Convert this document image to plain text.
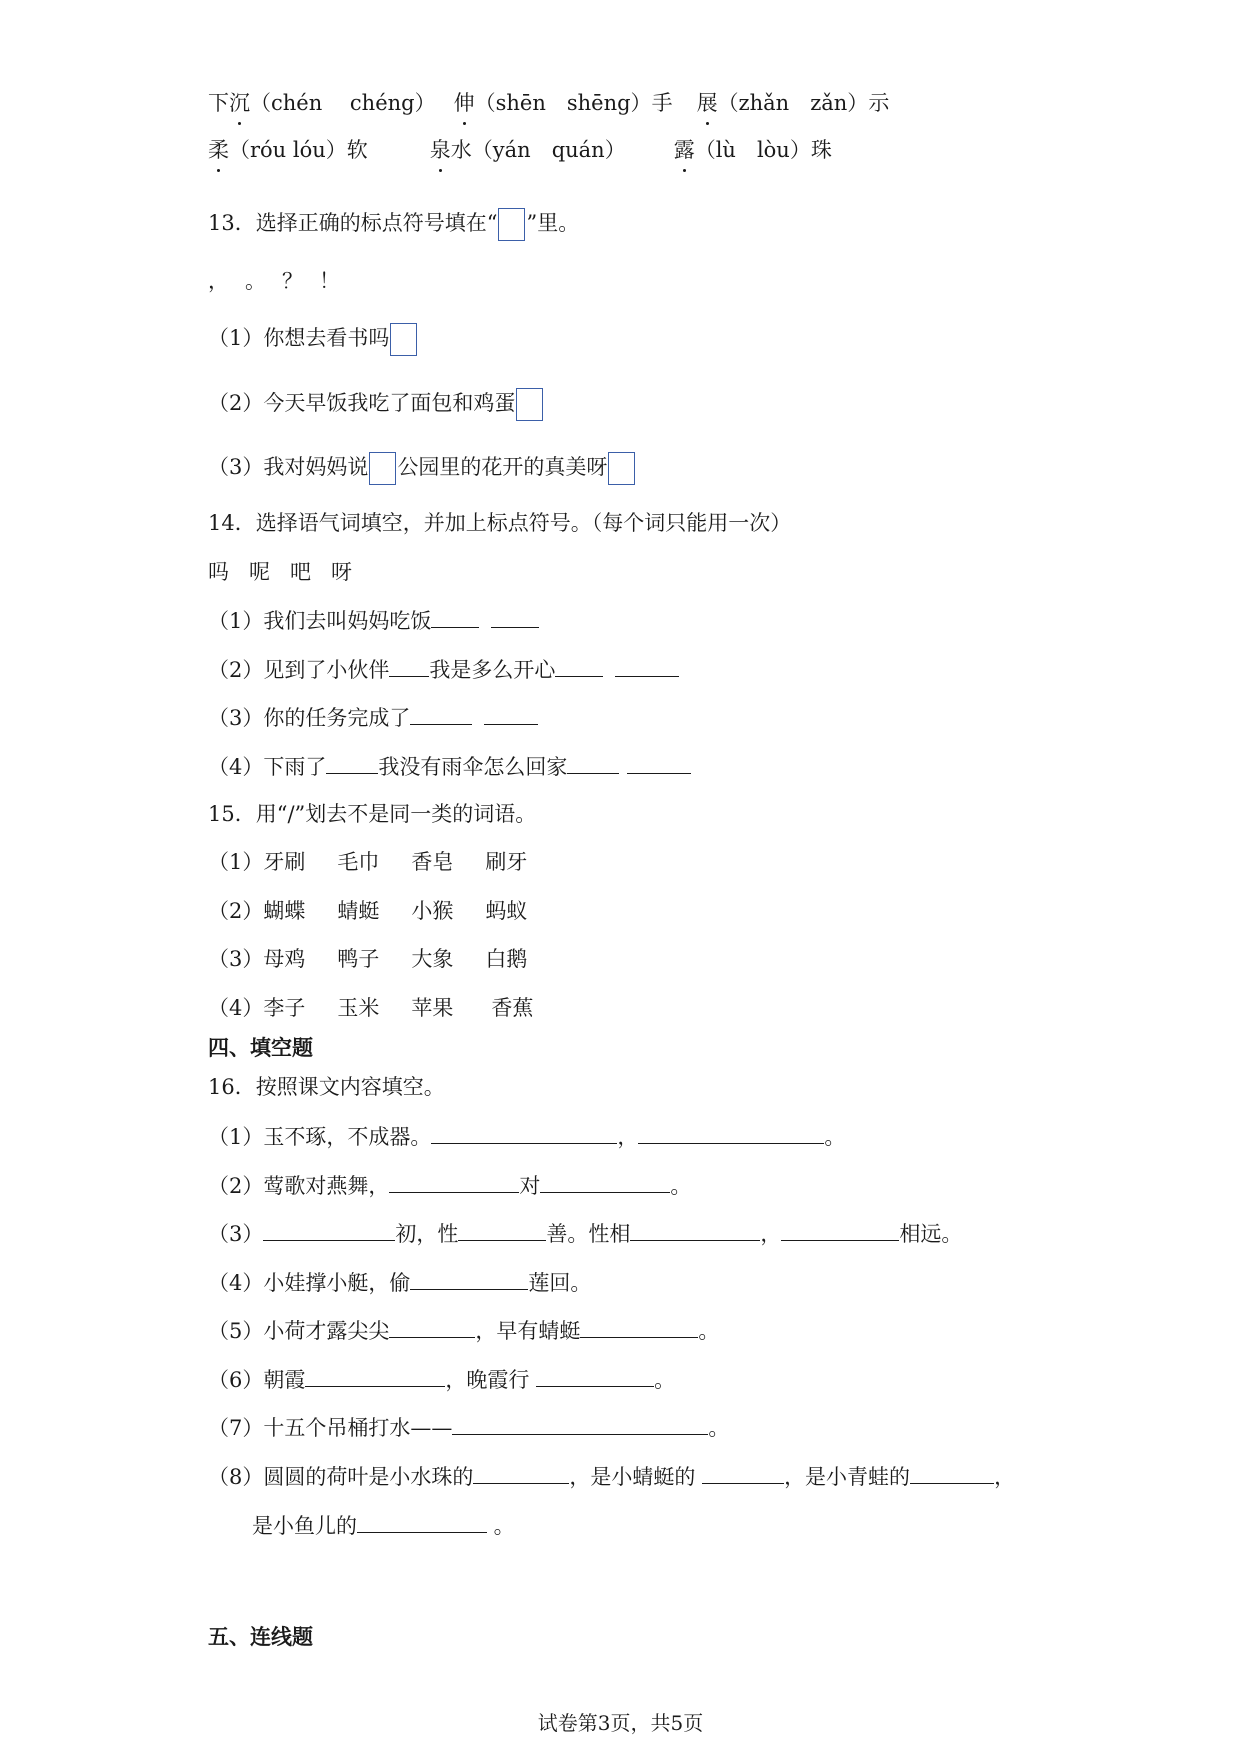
下沉（chén　 chéng） 伸（shēn　shēng）手 展（zhǎn　zǎn）示
柔（róu lóu）软	泉水（yán　quán） 露（lù　lòu）珠
13．选择正确的标点符号填在“ ”里。
， 。 ？ ！
（1）你想去看书吗
（2）今天早饭我吃了面包和鸡蛋
（3）我对妈妈说 公园里的花开的真美呀
14．选择语气词填空，并加上标点符号。（每个词只能用一次）
吗 呢 吧 呀
（1）我们去叫妈妈吃饭
（2）见到了小伙伴 我是多么开心
（3）你的任务完成了
（4）下雨了 我没有雨伞怎么回家
15．用“/”划去不是同一类的词语。
（1）牙刷 毛巾 香皂 刷牙
（2）蝴蝶 蜻蜓 小猴 蚂蚁
（3）母鸡 鸭子 大象 白鹅
（4）李子 玉米 苹果 香蕉
四、填空题
16．按照课文内容填空。
（1）玉不琢，不成器。	，	。
（2）莺歌对燕舞，	对	。
（3）	初，性	善。性相	，	相远。
（4）小娃撑小艇，偷	莲回。
（5）小荷才露尖尖	，早有蜻蜓	。
（6）朝霞	，晚霞行	。
（7）十五个吊桶打水——	。
（8）圆圆的荷叶是小水珠的	，是小蜻蜓的	，是小青蛙的	，
是小鱼儿的	。
五、连线题
试卷第3页，共5页
